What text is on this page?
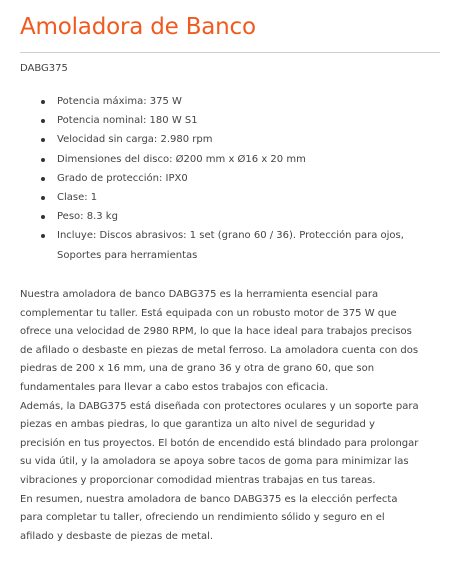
Amoladora de Banco
DABG375
Potencia máxima: 375 W
Potencia nominal: 180 W S1
Velocidad sin carga: 2.980 rpm
Dimensiones del disco: Ø200 mm x Ø16 x 20 mm
Grado de protección: IPX0
Clase: 1
Peso: 8.3 kg
Incluye: Discos abrasivos: 1 set (grano 60 / 36). Protección para ojos,
Soportes para herramientas
Nuestra amoladora de banco DABG375 es la herramienta esencial para
complementar tu taller. Está equipada con un robusto motor de 375 W que
ofrece una velocidad de 2980 RPM, lo que la hace ideal para trabajos precisos
de afilado o desbaste en piezas de metal ferroso. La amoladora cuenta con dos
piedras de 200 x 16 mm, una de grano 36 y otra de grano 60, que son
fundamentales para llevar a cabo estos trabajos con eficacia.
Además, la DABG375 está diseñada con protectores oculares y un soporte para
piezas en ambas piedras, lo que garantiza un alto nivel de seguridad y
precisión en tus proyectos. El botón de encendido está blindado para prolongar
su vida útil, y la amoladora se apoya sobre tacos de goma para minimizar las
vibraciones y proporcionar comodidad mientras trabajas en tus tareas.
En resumen, nuestra amoladora de banco DABG375 es la elección perfecta
para completar tu taller, ofreciendo un rendimiento sólido y seguro en el
afilado y desbaste de piezas de metal.
